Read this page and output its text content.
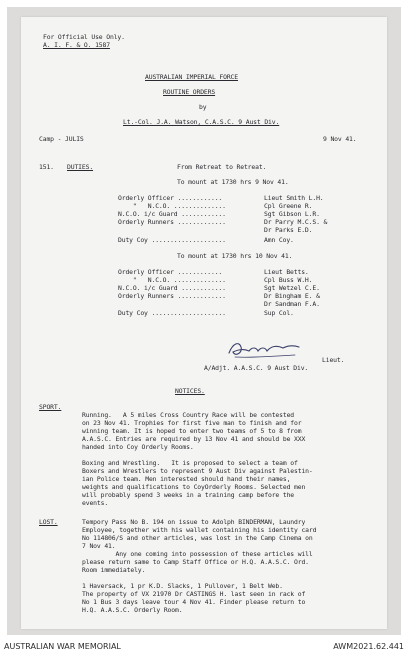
For Official Use Only.
A. I. F. & O. 1587
AUSTRALIAN IMPERIAL FORCE
ROUTINE ORDERS
by
Lt.-Col. J.A. Watson, C.A.S.C. 9 Aust Div.
Camp - JULIS	9 Nov 41.
151. DUTIES.	From Retreat to Retreat.
To mount at 1730 hrs 9 Nov 41.
Orderly Officer ............	Lieut Smith L.H.
"   N.C.O. ..............	Cpl Greene R.
N.C.O. i/c Guard ............	Sgt Gibson L.R.
Orderly Runners .............	Dr Parry M.C.S. &
Dr Parks E.D.
Duty Coy ....................	Amn Coy.
To mount at 1730 hrs 10 Nov 41.
Orderly Officer ............	Lieut Betts.
"   N.C.O. ..............	Cpl Buss W.H.
N.C.O. i/c Guard ............	Sgt Wetzel C.E.
Orderly Runners .............	Dr Bingham E. &
Dr Sandman F.A.
Duty Coy ....................	Sup Col.
Lieut.
A/Adjt. A.A.S.C. 9 Aust Div.
NOTICES.
SPORT.
Running.   A 5 miles Cross Country Race will be contested
on 23 Nov 41. Trophies for first five man to finish and for
winning team. It is hoped to enter two teams of 5 to 8 from
A.A.S.C. Entries are required by 13 Nov 41 and should be XXX
handed into Coy Orderly Rooms.
Boxing and Wrestling.   It is proposed to select a team of
Boxers and Wrestlers to represent 9 Aust Div against Palestin-
ian Police team. Men interested should hand their names,
weights and qualifications to CoyOrderly Rooms. Selected men
will probably spend 3 weeks in a training camp before the
events.
LOST.	Tempory Pass No B. 194 on issue to Adolph BINDERMAN, Laundry
Employee, together with his wallet containing his identity card
No 114806/S and other articles, was lost in the Camp Cinema on
7 Nov 41.
Any one coming into possession of these articles will
please return same to Camp Staff Office or H.Q. A.A.S.C. Ord.
Room immediately.
1 Haversack, 1 pr K.D. Slacks, 1 Pullover, 1 Belt Web.
The property of VX 21970 Dr CASTINGS H. last seen in rack of
No 1 Bus 3 days leave tour 4 Nov 41. Finder please return to
H.Q. A.A.S.C. Orderly Room.
AUSTRALIAN WAR MEMORIAL	AWM2021.62.441
